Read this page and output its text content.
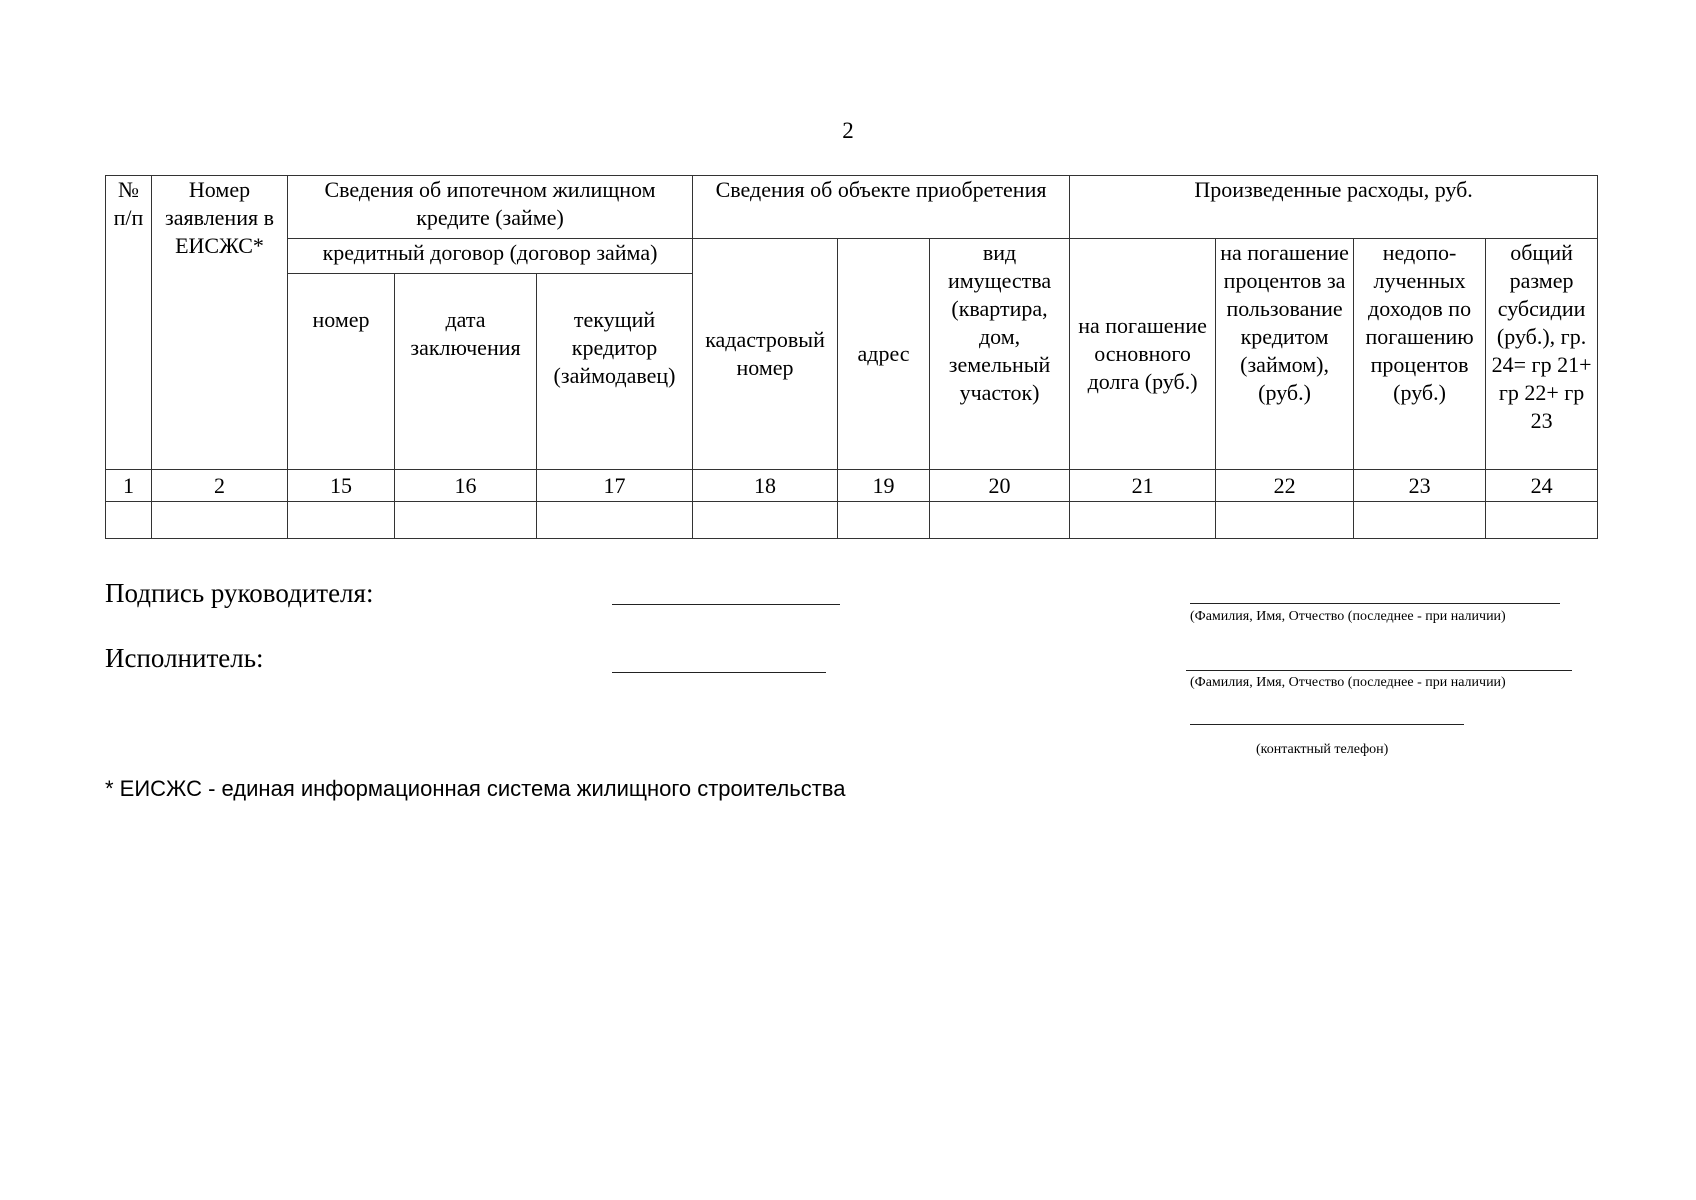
2
№ п/п	Номер заявления в ЕИСЖС*	Сведения об ипотечном жилищном кредите (займе)			Сведения об объекте приобретения			Произведенные расходы, руб.			
		кредитный договор (договор займа)			кадастровый номер	адрес	вид имущества (квартира, дом, земельный участок)	на погашение основного долга (руб.)	на погашение процентов за пользование кредитом (займом), (руб.)	недопо-лученных доходов по погашению процентов (руб.)	общий размер субсидии (руб.), гр. 24= гр 21+ гр 22+ гр 23
		номер	дата заключения	текущий кредитор (займодавец)							
1	2	15	16	17	18	19	20	21	22	23	24

Подпись руководителя:
(Фамилия, Имя, Отчество (последнее - при наличии)
Исполнитель:
(Фамилия, Имя, Отчество (последнее - при наличии)
(контактный телефон)
* ЕИСЖС - единая информационная система жилищного строительства
